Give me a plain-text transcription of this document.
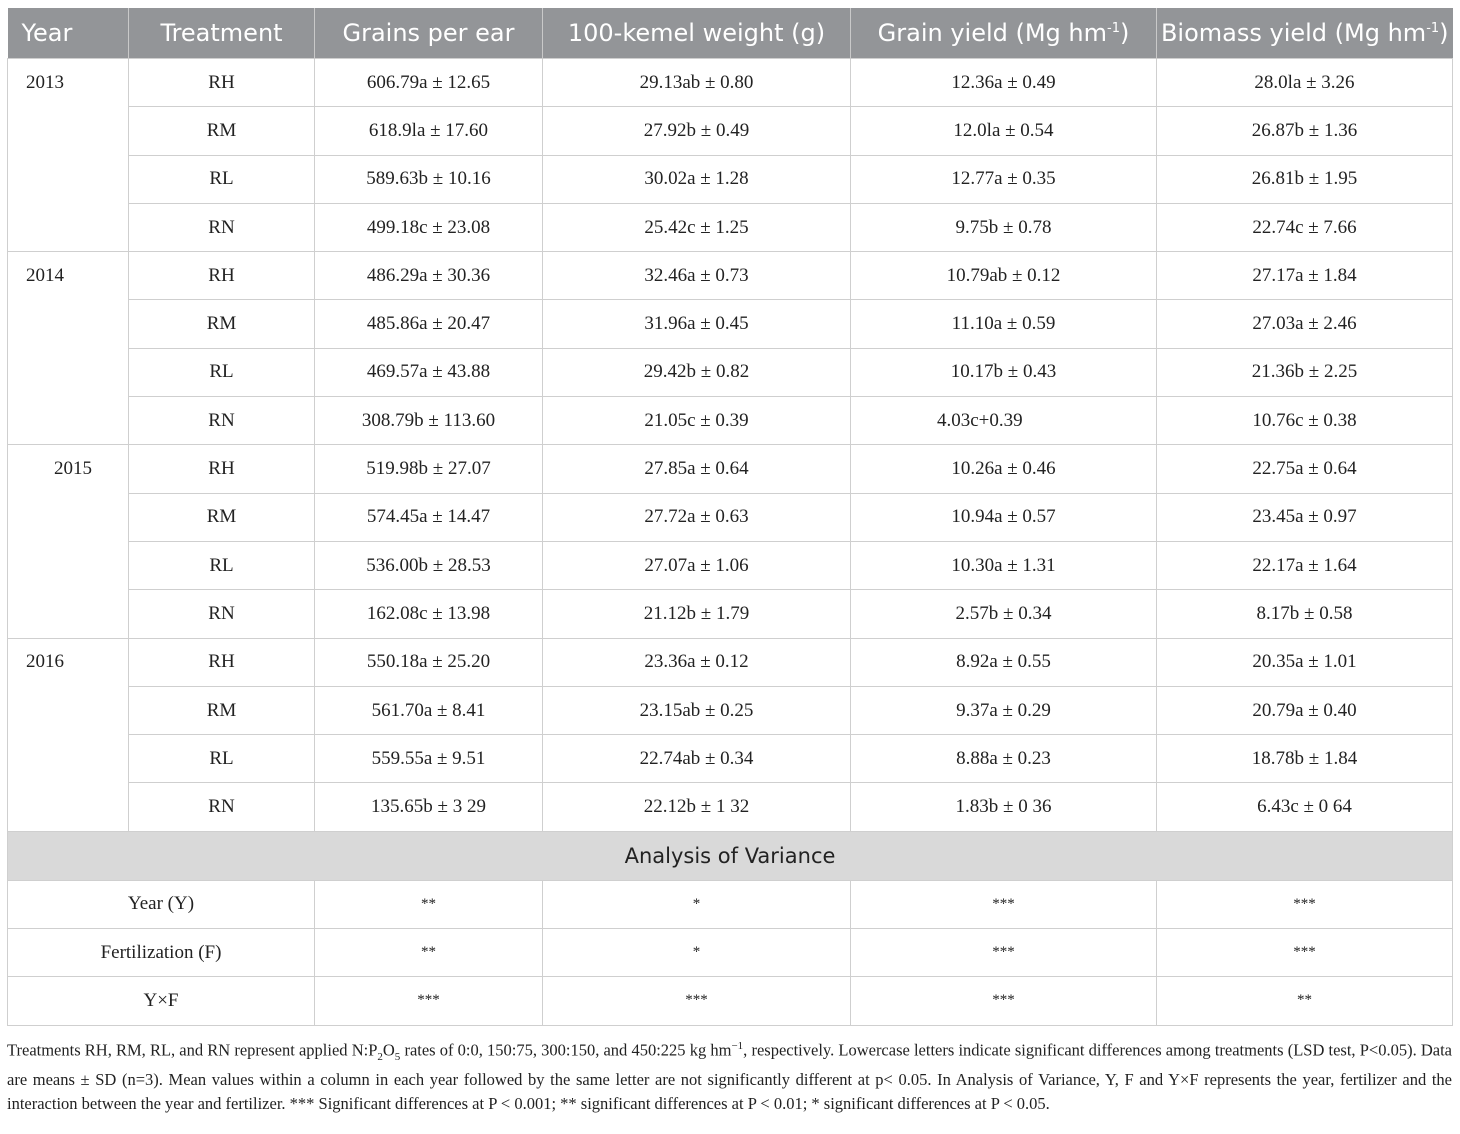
Year	Treatment	Grains per ear	100-kemel weight (g)	Grain yield (Mg $hm^{-1}$)	Biomass yield (Mg $hm^{-1}$)
2013	RH	606.79a ± 12.65	29.13ab ± 0.80	12.36a ± 0.49	28.0la ± 3.26
	RM	618.9la ± 17.60	27.92b ± 0.49	12.0la ± 0.54	26.87b ± 1.36
	RL	589.63b ± 10.16	30.02a ± 1.28	12.77a ± 0.35	26.81b ± 1.95
	RN	499.18c ± 23.08	25.42c ± 1.25	9.75b ± 0.78	22.74c ± 7.66
2014	RH	486.29a ± 30.36	32.46a ± 0.73	10.79ab ± 0.12	27.17a ± 1.84
	RM	485.86a ± 20.47	31.96a ± 0.45	11.10a ± 0.59	27.03a ± 2.46
	RL	469.57a ± 43.88	29.42b ± 0.82	10.17b ± 0.43	21.36b ± 2.25
	RN	308.79b ± 113.60	21.05c ± 0.39	4.03c+0.39	10.76c ± 0.38
2015	RH	519.98b ± 27.07	27.85a ± 0.64	10.26a ± 0.46	22.75a ± 0.64
	RM	574.45a ± 14.47	27.72a ± 0.63	10.94a ± 0.57	23.45a ± 0.97
	RL	536.00b ± 28.53	27.07a ± 1.06	10.30a ± 1.31	22.17a ± 1.64
	RN	162.08c ± 13.98	21.12b ± 1.79	2.57b ± 0.34	8.17b ± 0.58
2016	RH	550.18a ± 25.20	23.36a ± 0.12	8.92a ± 0.55	20.35a ± 1.01
	RM	561.70a ± 8.41	23.15ab ± 0.25	9.37a ± 0.29	20.79a ± 0.40
	RL	559.55a ± 9.51	22.74ab ± 0.34	8.88a ± 0.23	18.78b ± 1.84
	RN	135.65b ± 3 29	22.12b ± 1 32	1.83b ± 0 36	6.43c ± 0 64
Analysis of Variance					
Year (Y)		**	*	***	***
Fertilization (F)		**	*	***	***
Y×F		***	***	***	**
Treatments RH, RM, RL, and RN represent applied $N:P_2O_5$ rates of 0:0, 150:75, 300:150, and 450:225 kg $hm^{-1}$, respectively. Lowercase letters indicate significant differences among treatments (LSD test, P<0.05). Data are means ± SD (n=3). Mean values within a column in each year followed by the same letter are not significantly different at p< 0.05. In Analysis of Variance, Y, F and Y×F represents the year, fertilizer and the interaction between the year and fertilizer. *** Significant differences at P < 0.001; ** significant differences at P < 0.01; * significant differences at P < 0.05.
